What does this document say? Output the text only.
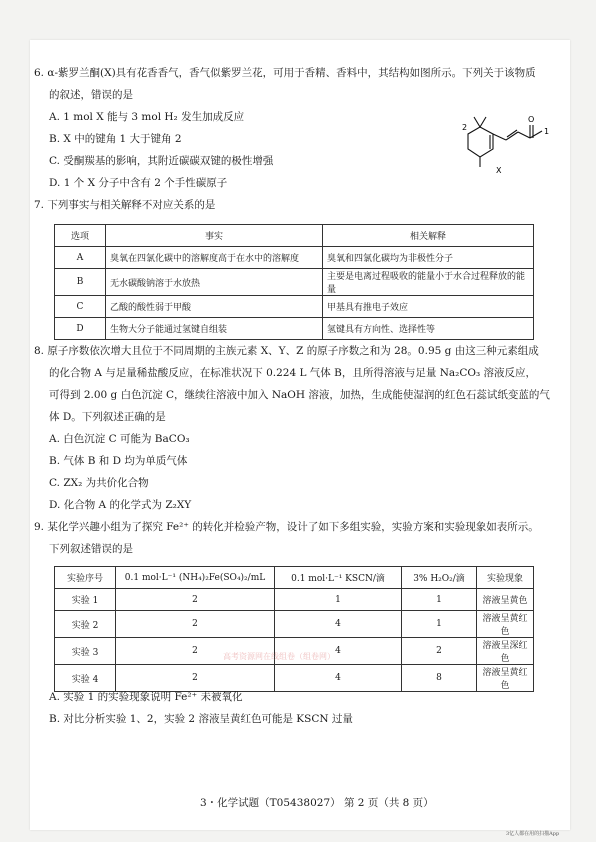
6. α-紫罗兰酮(X)具有花香香气，香气似紫罗兰花，可用于香精、香料中，其结构如图所示。下列关于该物质
的叙述，错误的是
A. 1 mol X 能与 3 mol H₂ 发生加成反应
B. X 中的键角 1 大于键角 2
C. 受酮羰基的影响，其附近碳碳双键的极性增强
D. 1 个 X 分子中含有 2 个手性碳原子
2	1
O
X
7. 下列事实与相关解释不对应关系的是
选项	事实	相关解释
A	臭氧在四氯化碳中的溶解度高于在水中的溶解度	臭氧和四氯化碳均为非极性分子
B	无水碳酸钠溶于水放热	主要是电离过程吸收的能量小于水合过程释放的能量
C	乙酸的酸性弱于甲酸	甲基具有推电子效应
D	生物大分子能通过氢键自组装	氢键具有方向性、选择性等
8. 原子序数依次增大且位于不同周期的主族元素 X、Y、Z 的原子序数之和为 28。0.95 g 由这三种元素组成
的化合物 A 与足量稀盐酸反应，在标准状况下 0.224 L 气体 B，且所得溶液与足量 Na₂CO₃ 溶液反应，
可得到 2.00 g 白色沉淀 C，继续往溶液中加入 NaOH 溶液，加热，生成能使湿润的红色石蕊试纸变蓝的气
体 D。下列叙述正确的是
A. 白色沉淀 C 可能为 BaCO₃
B. 气体 B 和 D 均为单质气体
C. ZX₂ 为共价化合物
D. 化合物 A 的化学式为 Z₂XY
9. 某化学兴趣小组为了探究 Fe²⁺ 的转化并检验产物，设计了如下多组实验，实验方案和实验现象如表所示。
下列叙述错误的是
实验序号	0.1 mol·L⁻¹ (NH₄)₂Fe(SO₄)₂/mL	0.1 mol·L⁻¹ KSCN/滴	3% H₂O₂/滴	实验现象
实验 1	2	1	1	溶液呈黄色
实验 2	2	4	1	溶液呈黄红色
实验 3	2	4	2	溶液呈深红色
实验 4	2	4	8	溶液呈黄红色
高考资源网在线组卷（组卷网）
A. 实验 1 的实验现象说明 Fe²⁺ 未被氧化
B. 对比分析实验 1、2，实验 2 溶液呈黄红色可能是 KSCN 过量
3・化学试题（T05438027） 第 2 页（共 8 页）
3亿人都在用的扫描App
